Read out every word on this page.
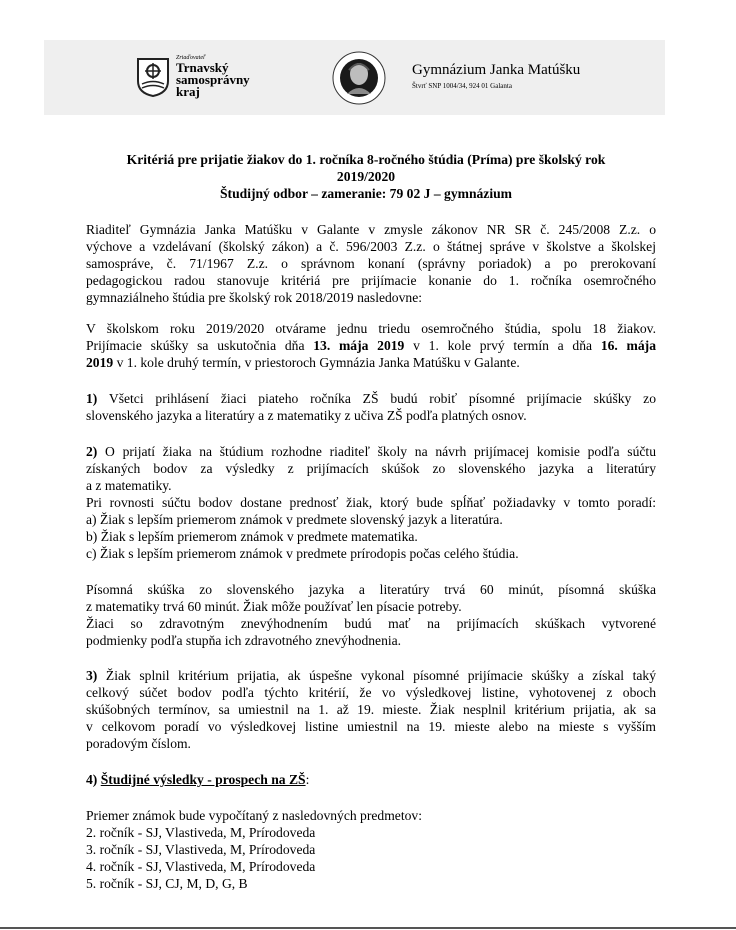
Zriaďovateľ
Trnavský
samosprávny
kraj
Gymnázium Janka Matúšku
Štvrť SNP 1004/34, 924 01 Galanta
Kritériá pre prijatie žiakov do 1. ročníka 8-ročného štúdia (Príma) pre školský rok
2019/2020
Študijný odbor – zameranie: 79 02 J – gymnázium
Riaditeľ Gymnázia Janka Matúšku v Galante v zmysle zákonov NR SR č. 245/2008 Z.z. o
výchove a vzdelávaní (školský zákon) a č. 596/2003 Z.z. o štátnej správe v školstve a školskej
samospráve, č. 71/1967 Z.z. o správnom konaní (správny poriadok) a po prerokovaní
pedagogickou radou stanovuje kritériá pre prijímacie konanie do 1. ročníka osemročného
gymnaziálneho štúdia pre školský rok 2018/2019 nasledovne:
V školskom roku 2019/2020 otvárame jednu triedu osemročného štúdia, spolu 18 žiakov.
Prijímacie skúšky sa uskutočnia dňa 13. mája 2019 v 1. kole prvý termín a dňa 16. mája
2019 v 1. kole druhý termín, v priestoroch Gymnázia Janka Matúšku v Galante.
1) Všetci prihlásení žiaci piateho ročníka ZŠ budú robiť písomné prijímacie skúšky zo
slovenského jazyka a literatúry a z matematiky z učiva ZŠ podľa platných osnov.
2) O prijatí žiaka na štúdium rozhodne riaditeľ školy na návrh prijímacej komisie podľa súčtu
získaných bodov za výsledky z prijímacích skúšok zo slovenského jazyka a literatúry
a z matematiky.
Pri rovnosti súčtu bodov dostane prednosť žiak, ktorý bude spĺňať požiadavky v tomto poradí:
a) Žiak s lepším priemerom známok v predmete slovenský jazyk a literatúra.
b) Žiak s lepším priemerom známok v predmete matematika.
c) Žiak s lepším priemerom známok v predmete prírodopis počas celého štúdia.
Písomná skúška zo slovenského jazyka a literatúry trvá 60 minút, písomná skúška
z matematiky trvá 60 minút. Žiak môže používať len písacie potreby.
Žiaci so zdravotným znevýhodnením budú mať na prijímacích skúškach vytvorené
podmienky podľa stupňa ich zdravotného znevýhodnenia.
3) Žiak splnil kritérium prijatia, ak úspešne vykonal písomné prijímacie skúšky a získal taký
celkový súčet bodov podľa týchto kritérií, že vo výsledkovej listine, vyhotovenej z oboch
skúšobných termínov, sa umiestnil na 1. až 19. mieste. Žiak nesplnil kritérium prijatia, ak sa
v celkovom poradí vo výsledkovej listine umiestnil na 19. mieste alebo na mieste s vyšším
poradovým číslom.
4) Študijné výsledky - prospech na ZŠ:
Priemer známok bude vypočítaný z nasledovných predmetov:
2. ročník - SJ, Vlastiveda, M, Prírodoveda
3. ročník - SJ, Vlastiveda, M, Prírodoveda
4. ročník - SJ, Vlastiveda, M, Prírodoveda
5. ročník - SJ, CJ, M, D, G, B
